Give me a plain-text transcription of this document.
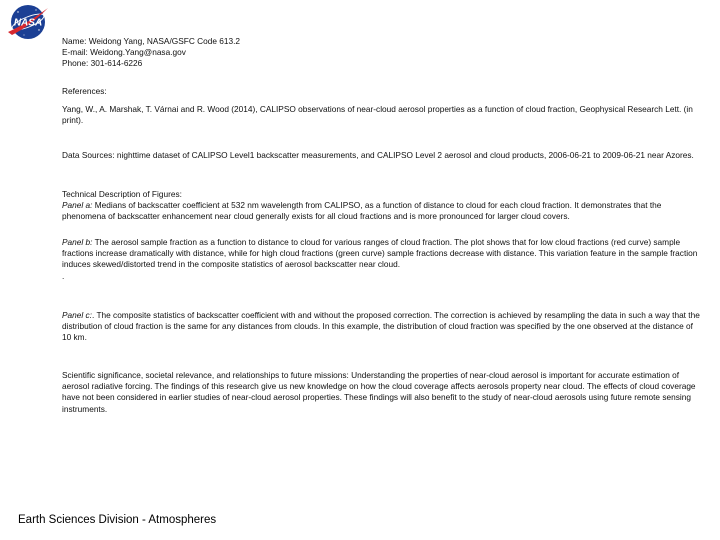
NASA

Name: Weidong Yang, NASA/GSFC Code 613.2

E-mail: Weidong.Yang@nasa.gov

Phone: 301-614-6226

References:

Yang, W., A. Marshak, T. Várnai and R. Wood (2014), CALIPSO observations of near-cloud aerosol properties as a function of cloud fraction, Geophysical Research Lett. (in print).

Data Sources: nighttime dataset of CALIPSO Level1 backscatter measurements, and CALIPSO Level 2 aerosol and cloud products, 2006-06-21 to 2009-06-21 near Azores.

Technical Description of Figures:

Panel a: Medians of backscatter coefficient at 532 nm wavelength from CALIPSO, as a function of distance to cloud for each cloud fraction. It demonstrates that the phenomena of backscatter enhancement near cloud generally exists for all cloud fractions and is more pronounced for larger cloud covers.

Panel b: The aerosol sample fraction as a function to distance to cloud for various ranges of cloud fraction. The plot shows that for low cloud fractions (red curve) sample fractions increase dramatically with distance, while for high cloud fractions (green curve) sample fractions decrease with distance. This variation feature in the sample fraction induces skewed/distorted trend in the composite statistics of aerosol backscatter near cloud.

.

Panel c:. The composite statistics of backscatter coefficient with and without the proposed correction. The correction is achieved by resampling the data in such a way that the distribution of cloud fraction is the same for any distances from clouds. In this example, the distribution of cloud fraction was specified by the one observed at the distance of 10 km.

Scientific significance, societal relevance, and relationships to future missions: Understanding the properties of near-cloud aerosol is important for accurate estimation of aerosol radiative forcing. The findings of this research give us new knowledge on how the cloud coverage affects aerosols property near cloud. The effects of cloud coverage have not been considered in earlier studies of near-cloud aerosol properties. These findings will also benefit to the study of near-cloud aerosols using future remote sensing instruments.

Earth Sciences Division - Atmospheres
